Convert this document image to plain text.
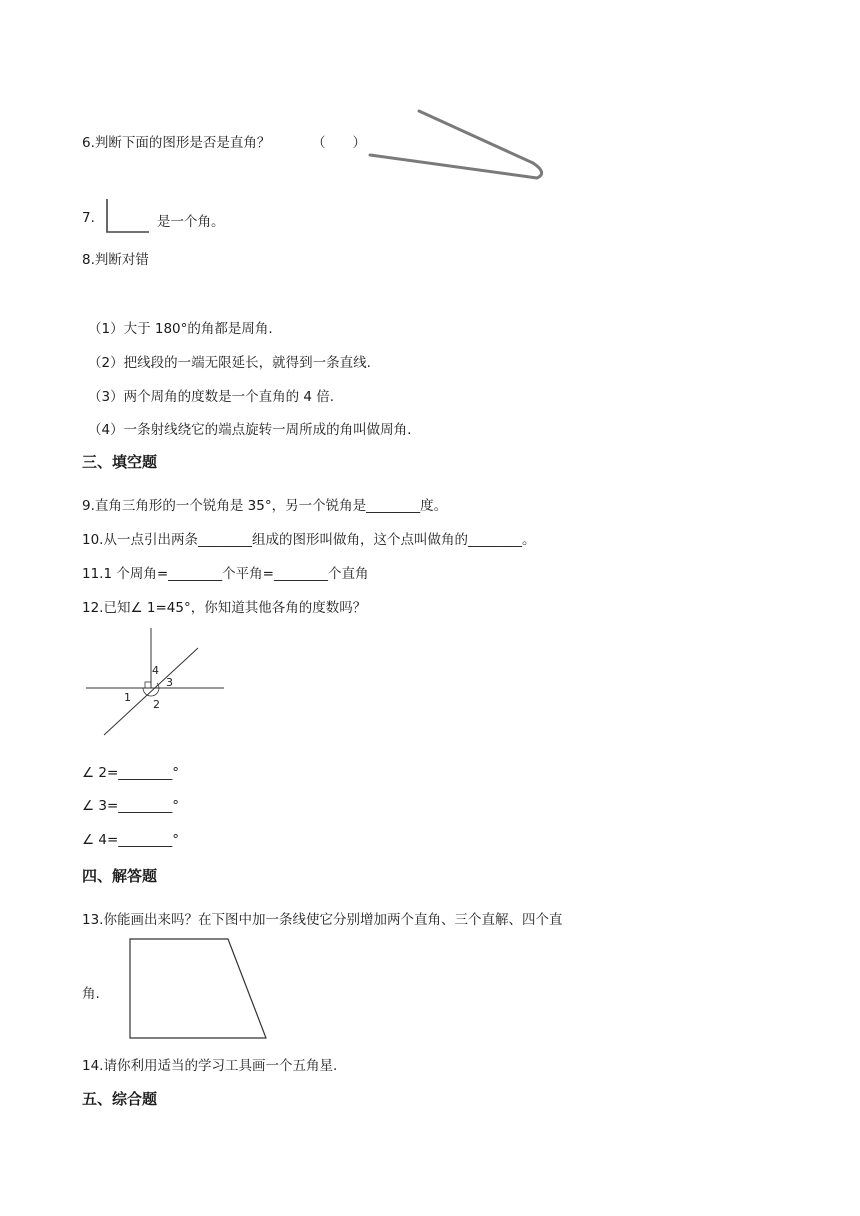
6.判断下面的图形是否是直角？	（　　）
7.	是一个角。
8.判断对错
（1）大于 180°的角都是周角.
（2）把线段的一端无限延长，就得到一条直线.
（3）两个周角的度数是一个直角的 4 倍.
（4）一条射线绕它的端点旋转一周所成的角叫做周角.
三、填空题
9.直角三角形的一个锐角是 35°，另一个锐角是________度。
10.从一点引出两条________组成的图形叫做角，这个点叫做角的________。
11.1 个周角=________个平角=________个直角
12.已知∠ 1=45°，你知道其他各角的度数吗？
4
3
1
2
∠ 2=________°
∠ 3=________°
∠ 4=________°
四、解答题
13.你能画出来吗？在下图中加一条线使它分别增加两个直角、三个直解、四个直
角.
14.请你利用适当的学习工具画一个五角星.
五、综合题
